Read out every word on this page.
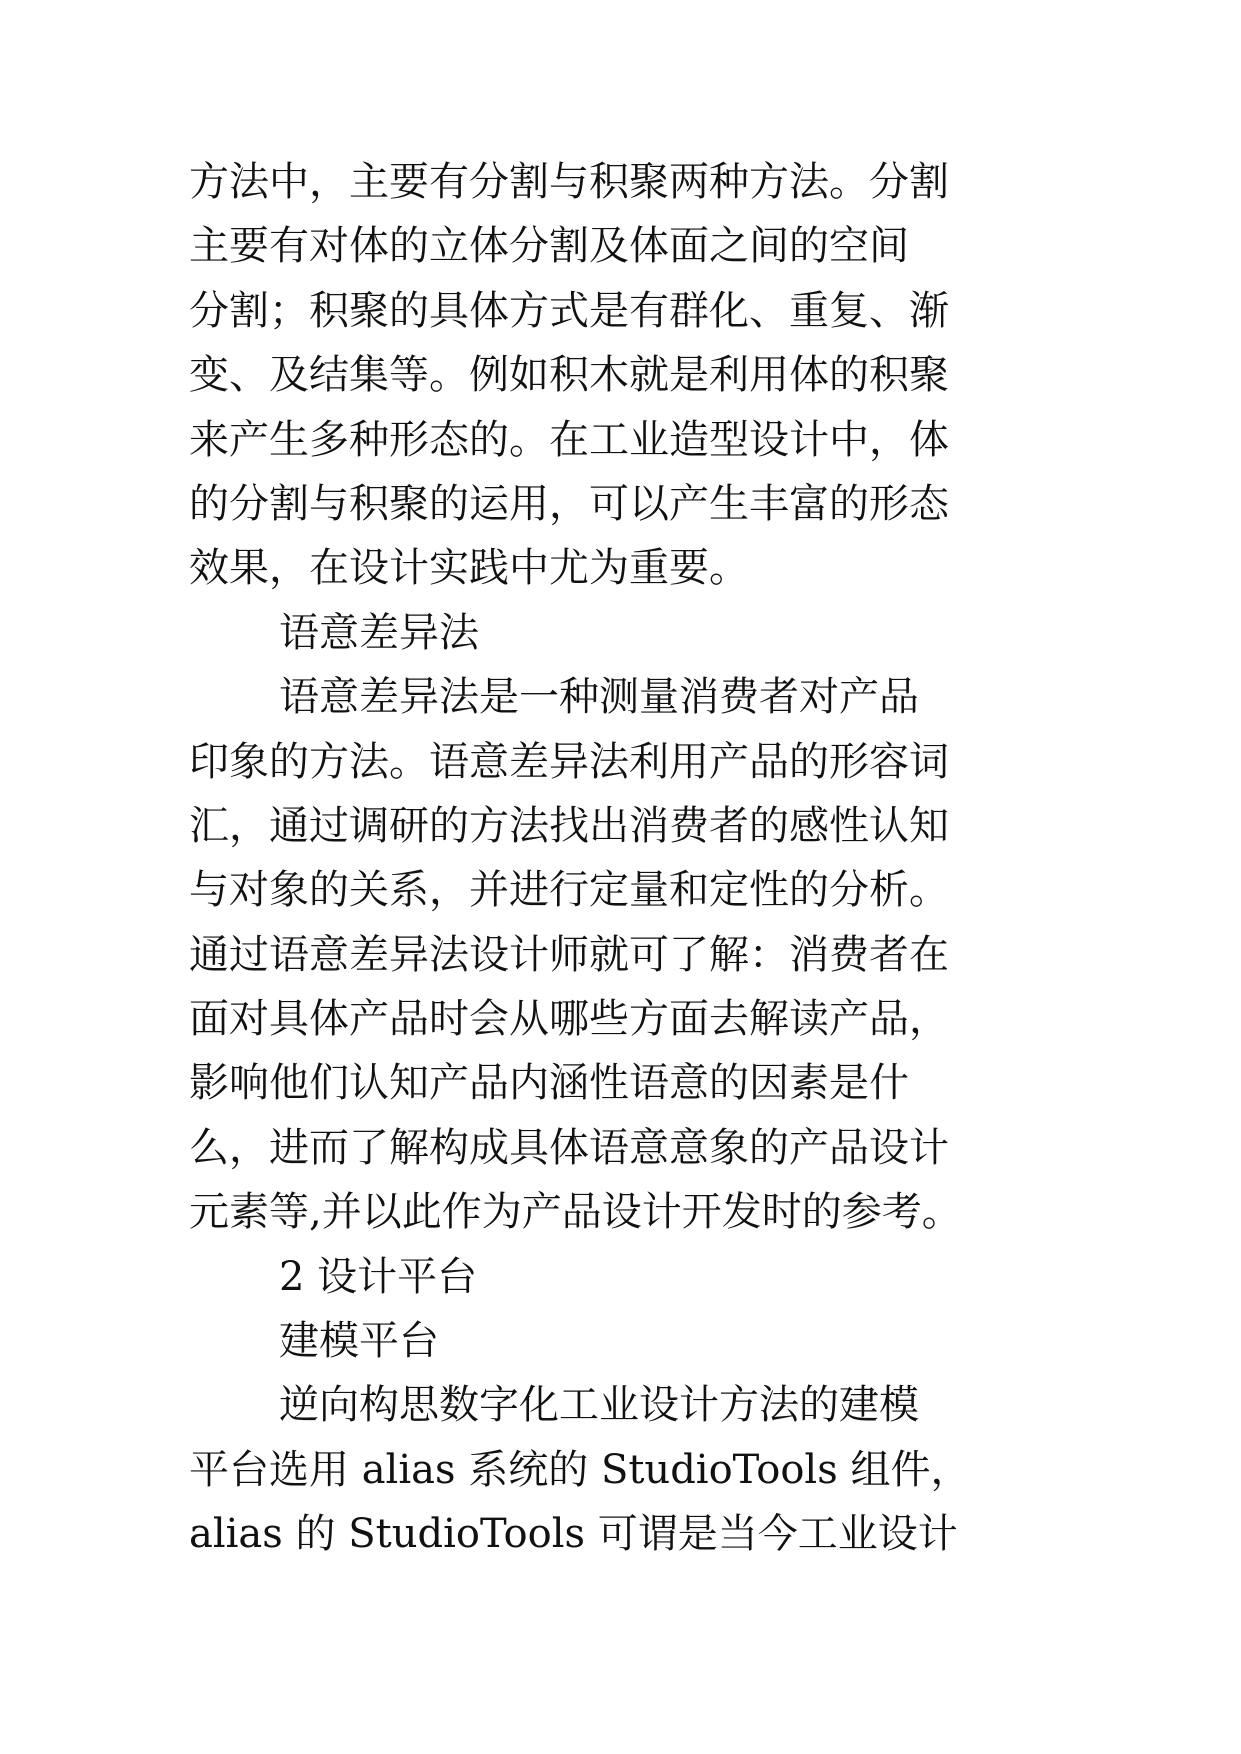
方法中，主要有分割与积聚两种方法。分割
主要有对体的立体分割及体面之间的空间
分割；积聚的具体方式是有群化、重复、渐
变、及结集等。例如积木就是利用体的积聚
来产生多种形态的。在工业造型设计中，体
的分割与积聚的运用，可以产生丰富的形态
效果，在设计实践中尤为重要。
语意差异法
语意差异法是一种测量消费者对产品
印象的方法。语意差异法利用产品的形容词
汇，通过调研的方法找出消费者的感性认知
与对象的关系，并进行定量和定性的分析。
通过语意差异法设计师就可了解：消费者在
面对具体产品时会从哪些方面去解读产品，
影响他们认知产品内涵性语意的因素是什
么，进而了解构成具体语意意象的产品设计
元素等,并以此作为产品设计开发时的参考。
2 设计平台
建模平台
逆向构思数字化工业设计方法的建模
平台选用 alias 系统的 StudioTools 组件，
alias 的 StudioTools 可谓是当今工业设计
